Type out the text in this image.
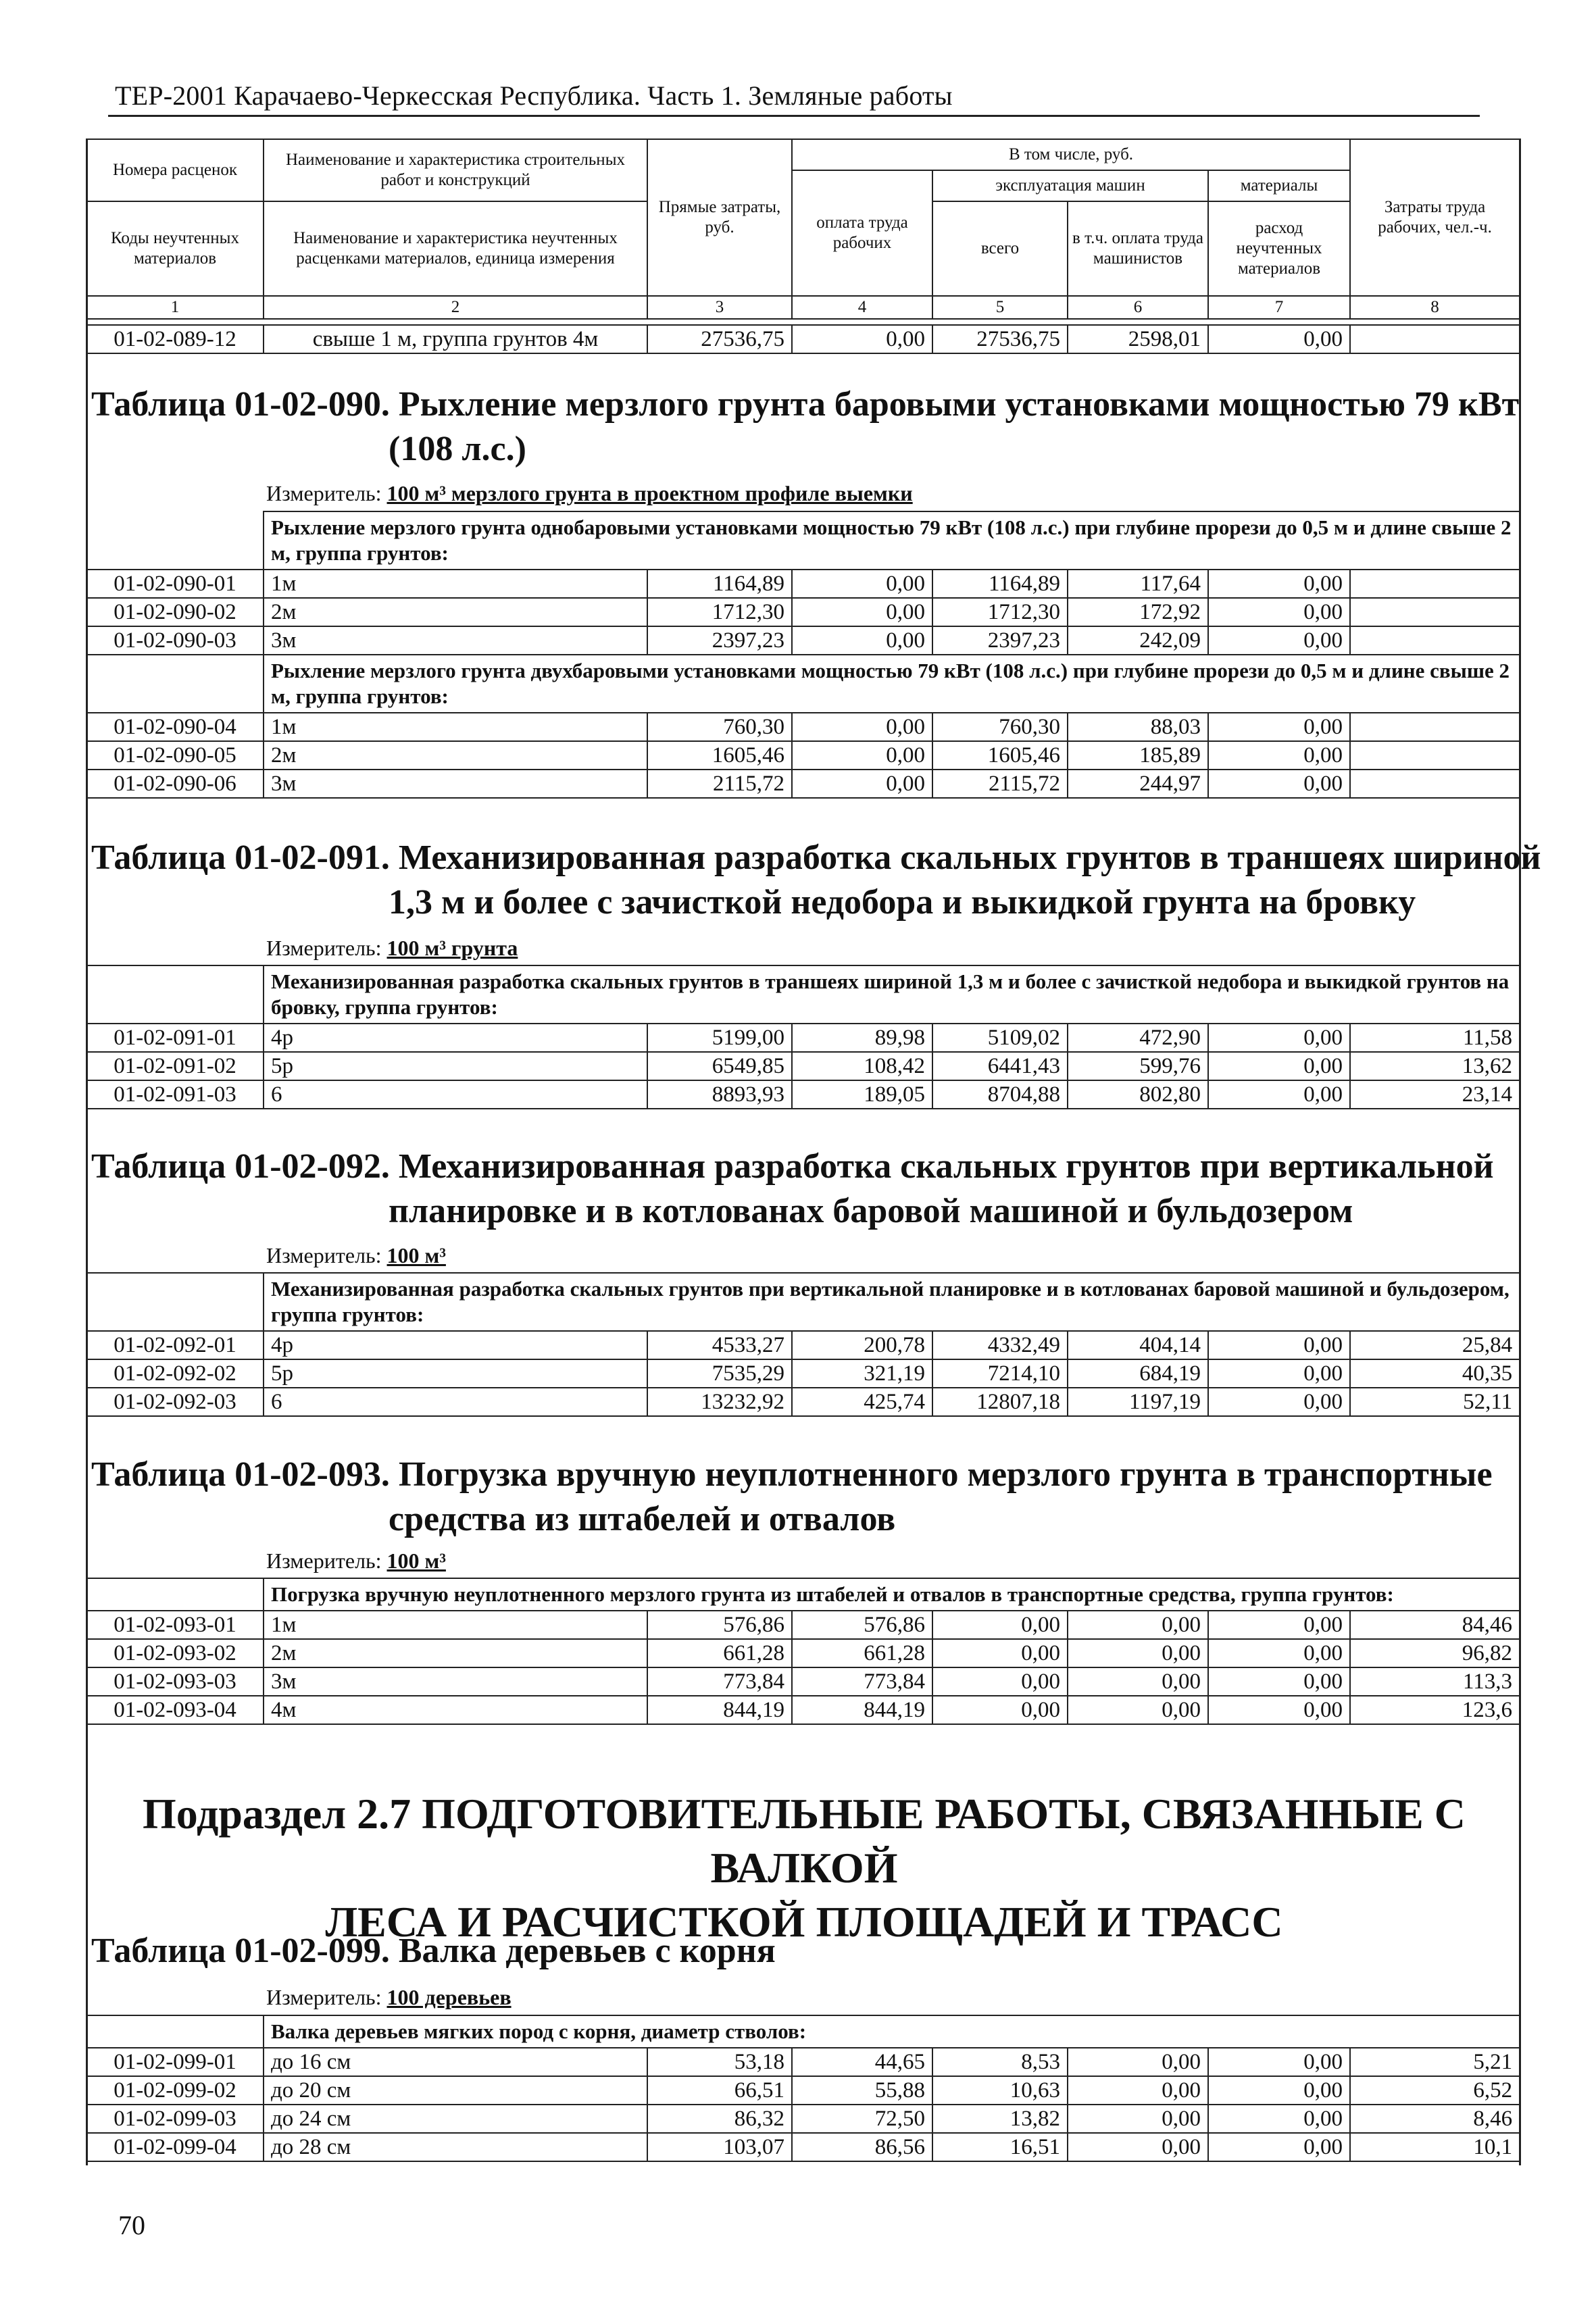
ТЕР-2001 Карачаево-Черкесская Республика. Часть 1. Земляные работы
Номера расценок	Наименование и характеристика строительных работ и конструкций	Прямые затраты, руб.	В том числе, руб.				Затраты труда рабочих, чел.-ч.
			оплата труда рабочих	эксплуатация машин		материалы	
Коды неучтенных материалов	Наименование и характеристика неучтенных расценками материалов, единица измерения			всего	в т.ч. оплата труда машинистов	расход неучтенных материалов	

1	2	3	4	5	6	7	8
01-02-089-12	свыше 1 м, группа грунтов 4м	27536,75	0,00	27536,75	2598,01	0,00	
Таблица 01-02-090. Рыхление мерзлого грунта баровыми установками мощностью 79 кВт
(108 л.с.)
Измеритель: 100 м³ мерзлого грунта в проектном профиле выемки
	Рыхление мерзлого грунта однобаровыми установками мощностью 79 кВт (108 л.с.) при глубине прорези до 0,5 м и длине свыше 2 м, группа грунтов:						
01-02-090-01	1м	1164,89	0,00	1164,89	117,64	0,00	
01-02-090-02	2м	1712,30	0,00	1712,30	172,92	0,00	
01-02-090-03	3м	2397,23	0,00	2397,23	242,09	0,00	
	Рыхление мерзлого грунта двухбаровыми установками мощностью 79 кВт (108 л.с.) при глубине прорези до 0,5 м и длине свыше 2 м, группа грунтов:						
01-02-090-04	1м	760,30	0,00	760,30	88,03	0,00	
01-02-090-05	2м	1605,46	0,00	1605,46	185,89	0,00	
01-02-090-06	3м	2115,72	0,00	2115,72	244,97	0,00	
Таблица 01-02-091. Механизированная разработка скальных грунтов в траншеях шириной
1,3 м и более с зачисткой недобора и выкидкой грунта на бровку
Измеритель: 100 м³ грунта
	Механизированная разработка скальных грунтов в траншеях шириной 1,3 м и более с зачисткой недобора и выкидкой грунтов на бровку, группа грунтов:						
01-02-091-01	4р	5199,00	89,98	5109,02	472,90	0,00	11,58
01-02-091-02	5р	6549,85	108,42	6441,43	599,76	0,00	13,62
01-02-091-03	6	8893,93	189,05	8704,88	802,80	0,00	23,14
Таблица 01-02-092. Механизированная разработка скальных грунтов при вертикальной
планировке и в котлованах баровой машиной и бульдозером
Измеритель: 100 м³
	Механизированная разработка скальных грунтов при вертикальной планировке и в котлованах баровой машиной и бульдозером, группа грунтов:						
01-02-092-01	4р	4533,27	200,78	4332,49	404,14	0,00	25,84
01-02-092-02	5р	7535,29	321,19	7214,10	684,19	0,00	40,35
01-02-092-03	6	13232,92	425,74	12807,18	1197,19	0,00	52,11
Таблица 01-02-093. Погрузка вручную неуплотненного мерзлого грунта в транспортные
средства из штабелей и отвалов
Измеритель: 100 м³
	Погрузка вручную неуплотненного мерзлого грунта из штабелей и отвалов в транспортные средства, группа грунтов:						
01-02-093-01	1м	576,86	576,86	0,00	0,00	0,00	84,46
01-02-093-02	2м	661,28	661,28	0,00	0,00	0,00	96,82
01-02-093-03	3м	773,84	773,84	0,00	0,00	0,00	113,3
01-02-093-04	4м	844,19	844,19	0,00	0,00	0,00	123,6
Подраздел 2.7 ПОДГОТОВИТЕЛЬНЫЕ РАБОТЫ, СВЯЗАННЫЕ С ВАЛКОЙ
ЛЕСА И РАСЧИСТКОЙ ПЛОЩАДЕЙ И ТРАСС
Таблица 01-02-099. Валка деревьев с корня
Измеритель: 100 деревьев
	Валка деревьев мягких пород с корня, диаметр стволов:						
01-02-099-01	до 16 см	53,18	44,65	8,53	0,00	0,00	5,21
01-02-099-02	до 20 см	66,51	55,88	10,63	0,00	0,00	6,52
01-02-099-03	до 24 см	86,32	72,50	13,82	0,00	0,00	8,46
01-02-099-04	до 28 см	103,07	86,56	16,51	0,00	0,00	10,1
70
